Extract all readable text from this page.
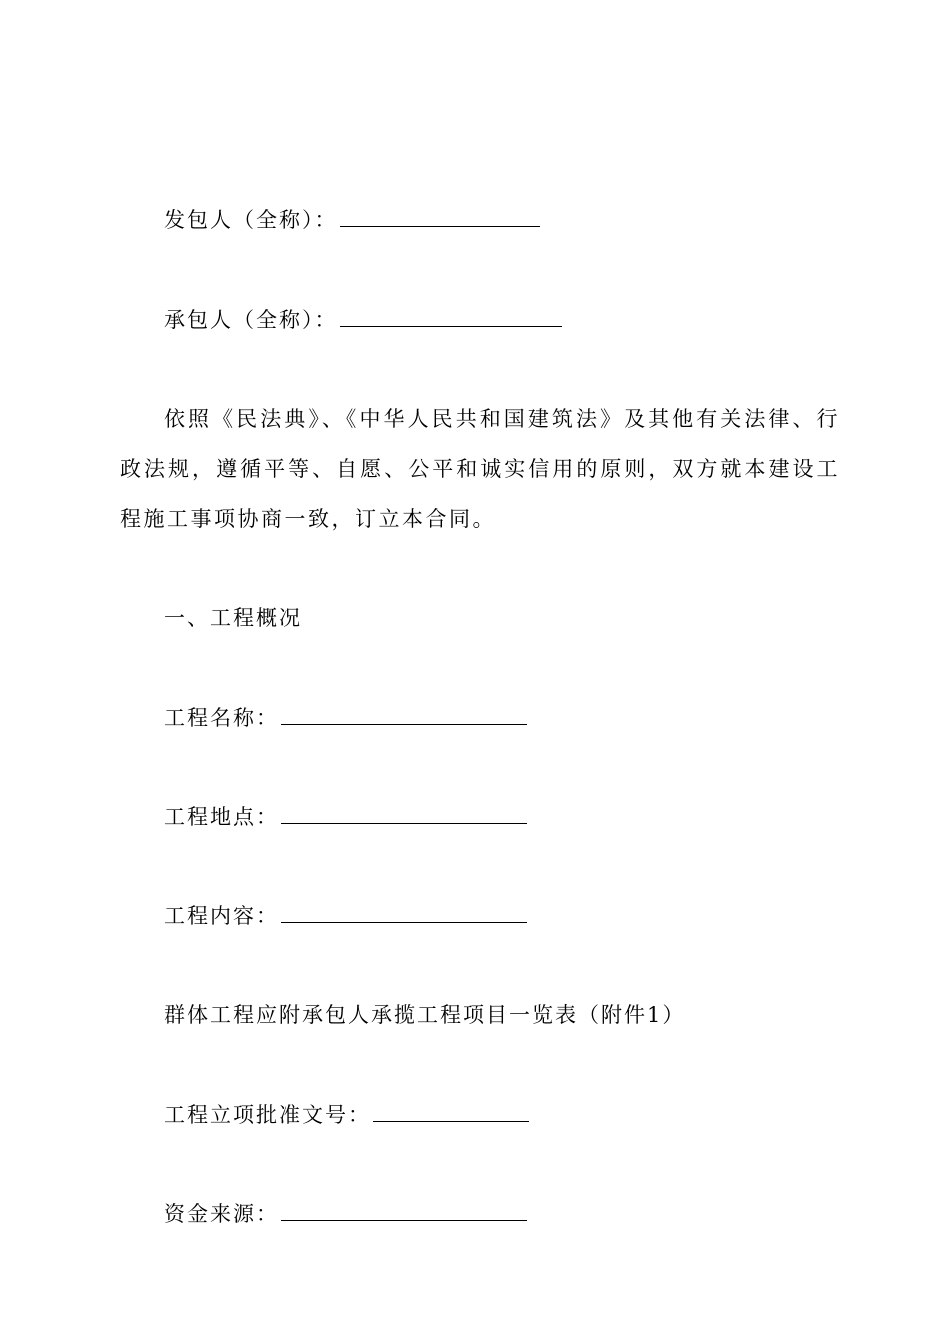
发包人（全称）：
承包人（全称）：
依照《民法典》、《中华人民共和国建筑法》及其他有关法律、行政法规，遵循平等、自愿、公平和诚实信用的原则，双方就本建设工程施工事项协商一致，订立本合同。
一、工程概况
工程名称：
工程地点：
工程内容：
群体工程应附承包人承揽工程项目一览表（附件1）
工程立项批准文号：
资金来源：
